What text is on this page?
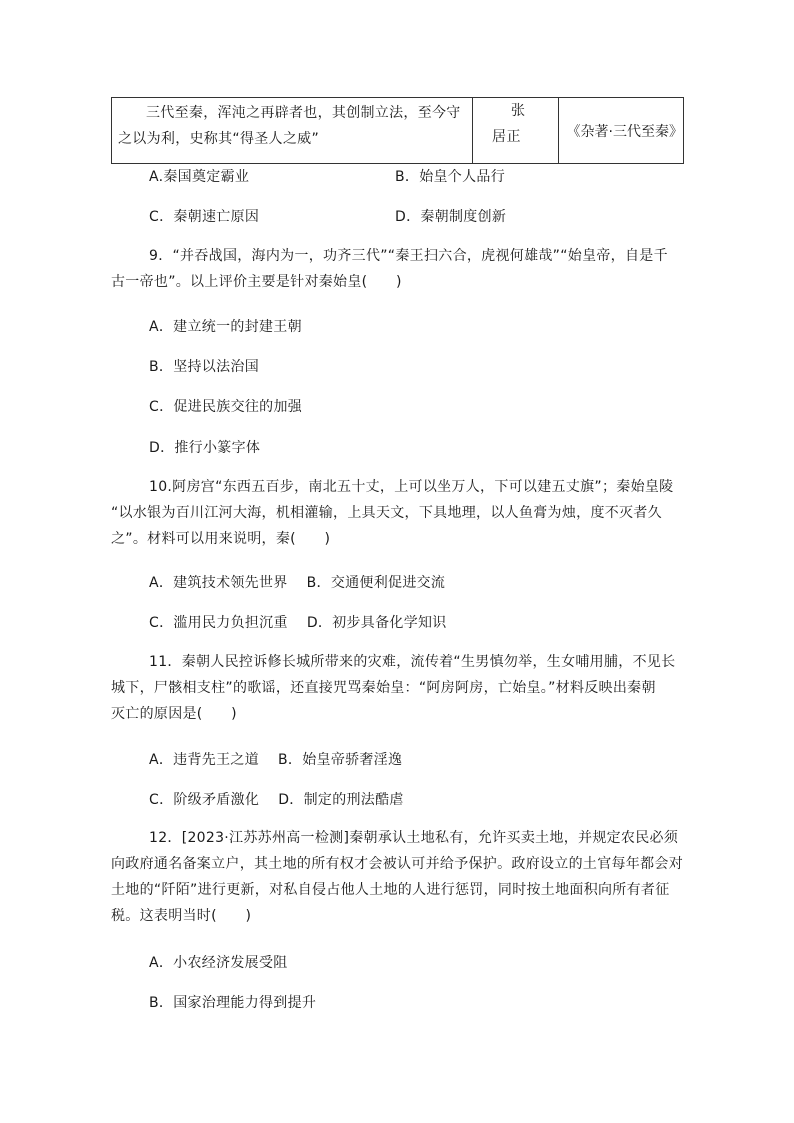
三代至秦，浑沌之再辟者也，其创制立法，至今守之以为利，史称其“得圣人之威”	
张
居正	《杂著·三代至秦》
A.秦国奠定霸业	B．始皇个人品行
C．秦朝速亡原因	D．秦朝制度创新
9．“并吞战国，海内为一，功齐三代”“秦王扫六合，虎视何雄哉”“始皇帝，自是千
古一帝也”。以上评价主要是针对秦始皇(　　)
A．建立统一的封建王朝
B．坚持以法治国
C．促进民族交往的加强
D．推行小篆字体
10.阿房宫“东西五百步，南北五十丈，上可以坐万人，下可以建五丈旗”；秦始皇陵
“以水银为百川江河大海，机相灌输，上具天文，下具地理，以人鱼膏为烛，度不灭者久
之”。材料可以用来说明，秦(　　)
A．建筑技术领先世界　 B．交通便利促进交流
C．滥用民力负担沉重　 D．初步具备化学知识
11．秦朝人民控诉修长城所带来的灾难，流传着“生男慎勿举，生女哺用脯，不见长
城下，尸骸相支柱”的歌谣，还直接咒骂秦始皇：“阿房阿房，亡始皇。”材料反映出秦朝
灭亡的原因是(　　)
A．违背先王之道　 B．始皇帝骄奢淫逸
C．阶级矛盾激化　 D．制定的刑法酷虐
12．[2023·江苏苏州高一检测]秦朝承认土地私有，允许买卖土地，并规定农民必须
向政府通名备案立户，其土地的所有权才会被认可并给予保护。政府设立的土官每年都会对
土地的“阡陌”进行更新，对私自侵占他人土地的人进行惩罚，同时按土地面积向所有者征
税。这表明当时(　　)
A．小农经济发展受阻
B．国家治理能力得到提升
